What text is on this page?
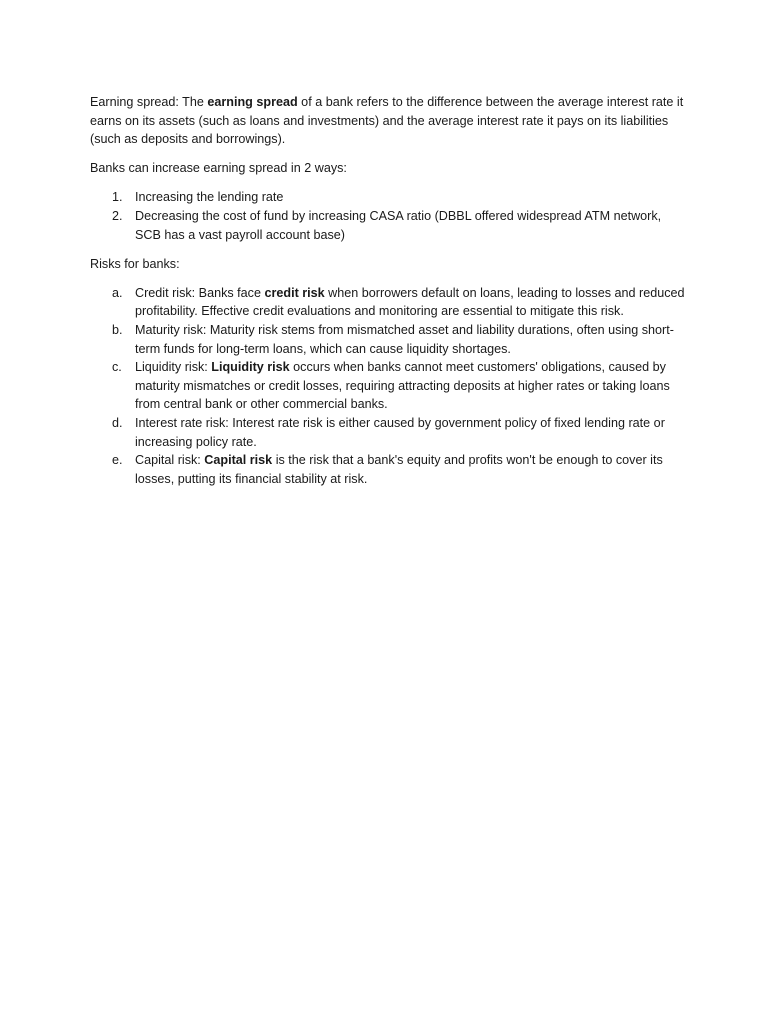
Earning spread: The earning spread of a bank refers to the difference between the average interest rate it earns on its assets (such as loans and investments) and the average interest rate it pays on its liabilities (such as deposits and borrowings).

Banks can increase earning spread in 2 ways:

1. Increasing the lending rate
2. Decreasing the cost of fund by increasing CASA ratio (DBBL offered widespread ATM network, SCB has a vast payroll account base)

Risks for banks:

a. Credit risk: Banks face credit risk when borrowers default on loans, leading to losses and reduced profitability. Effective credit evaluations and monitoring are essential to mitigate this risk.
b. Maturity risk: Maturity risk stems from mismatched asset and liability durations, often using short-term funds for long-term loans, which can cause liquidity shortages.
c. Liquidity risk: Liquidity risk occurs when banks cannot meet customers' obligations, caused by maturity mismatches or credit losses, requiring attracting deposits at higher rates or taking loans from central bank or other commercial banks.
d. Interest rate risk: Interest rate risk is either caused by government policy of fixed lending rate or increasing policy rate.
e. Capital risk: Capital risk is the risk that a bank's equity and profits won't be enough to cover its losses, putting its financial stability at risk.
